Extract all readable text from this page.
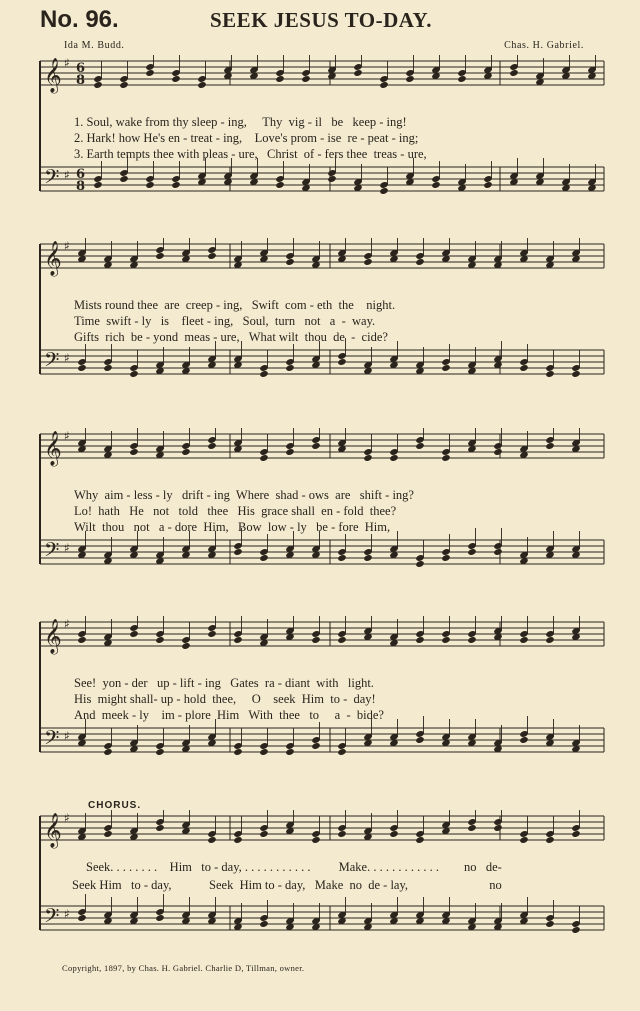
No. 96.	SEEK JESUS TO-DAY.
Ida M. Budd.	Chas. H. Gabriel.
𝄞
𝄢
♯
♯
6
8
6
8
1. Soul, wake from thy sleep - ing,     Thy  vig - il   be   keep - ing!
2. Hark! how He's en - treat - ing,    Love's prom - ise  re - peat - ing;
3. Earth tempts thee with pleas - ure,   Christ  of - fers thee  treas - ure,
𝄞
𝄢
♯
♯
Mists round thee  are  creep - ing,   Swift  com - eth  the    night.
Time  swift - ly   is    fleet - ing,   Soul,  turn   not   a  -  way.
Gifts  rich  be - yond  meas - ure,   What wilt  thou  de  -  cide?
𝄞
𝄢
♯
♯
Why  aim - less - ly   drift - ing  Where  shad - ows  are   shift - ing?
Lo!  hath   He   not   told   thee   His  grace shall  en - fold  thee?
Wilt  thou   not   a - dore  Him,   Bow  low - ly   be - fore  Him,
𝄞
𝄢
♯
♯
See!  yon - der   up - lift - ing   Gates  ra - diant  with   light.
His  might shall- up - hold  thee,     O    seek  Him  to -  day!
And  meek - ly    im - plore  Him   With  thee   to     a  -  bide?
CHORUS.
𝄞
𝄢
♯
♯
Seek. . . . . . . .    Him   to - day, . . . . . . . . . . .         Make. . . . . . . . . . . .        no   de-
Seek Him   to - day,            Seek  Him to - day,   Make  no  de - lay,                          no
Copyright, 1897, by Chas. H. Gabriel. Charlie D, Tillman, owner.
